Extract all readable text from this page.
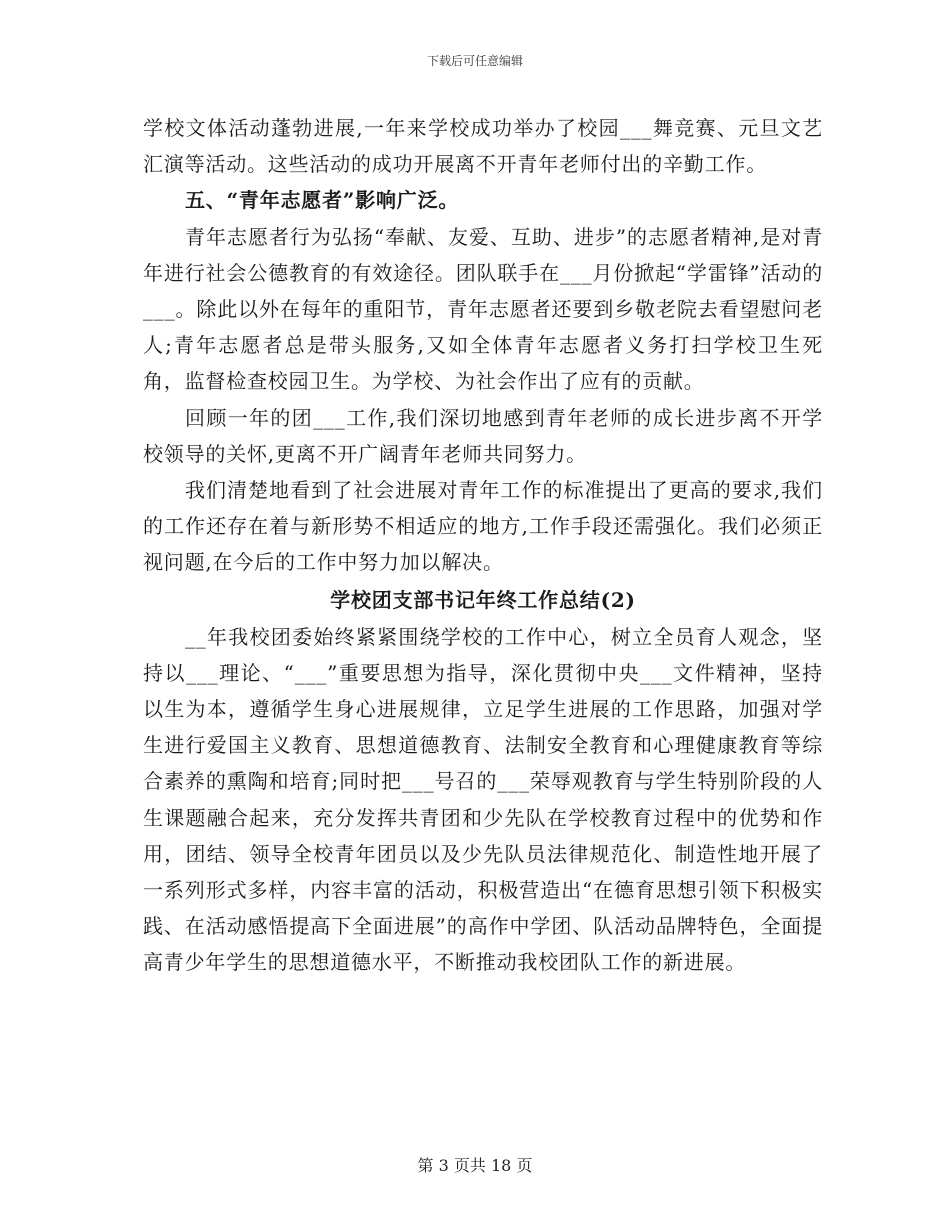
下载后可任意编辑

学校文体活动蓬勃进展,一年来学校成功举办了校园___舞竞赛、元旦文艺汇演等活动。这些活动的成功开展离不开青年老师付出的辛勤工作。

五、“青年志愿者”影响广泛。

青年志愿者行为弘扬“奉献、友爱、互助、进步”的志愿者精神,是对青年进行社会公德教育的有效途径。团队联手在___月份掀起“学雷锋”活动的___。除此以外在每年的重阳节，青年志愿者还要到乡敬老院去看望慰问老人;青年志愿者总是带头服务,又如全体青年志愿者义务打扫学校卫生死角，监督检查校园卫生。为学校、为社会作出了应有的贡献。

回顾一年的团___工作,我们深切地感到青年老师的成长进步离不开学校领导的关怀,更离不开广阔青年老师共同努力。

我们清楚地看到了社会进展对青年工作的标准提出了更高的要求,我们的工作还存在着与新形势不相适应的地方,工作手段还需强化。我们必须正视问题,在今后的工作中努力加以解决。

学校团支部书记年终工作总结(2)

__年我校团委始终紧紧围绕学校的工作中心，树立全员育人观念，坚持以___理论、“___”重要思想为指导，深化贯彻中央___文件精神，坚持以生为本，遵循学生身心进展规律，立足学生进展的工作思路，加强对学生进行爱国主义教育、思想道德教育、法制安全教育和心理健康教育等综合素养的熏陶和培育;同时把___号召的___荣辱观教育与学生特别阶段的人生课题融合起来，充分发挥共青团和少先队在学校教育过程中的优势和作用，团结、领导全校青年团员以及少先队员法律规范化、制造性地开展了一系列形式多样，内容丰富的活动，积极营造出“在德育思想引领下积极实践、在活动感悟提高下全面进展”的高作中学团、队活动品牌特色，全面提高青少年学生的思想道德水平，不断推动我校团队工作的新进展。

第 3 页共 18 页
